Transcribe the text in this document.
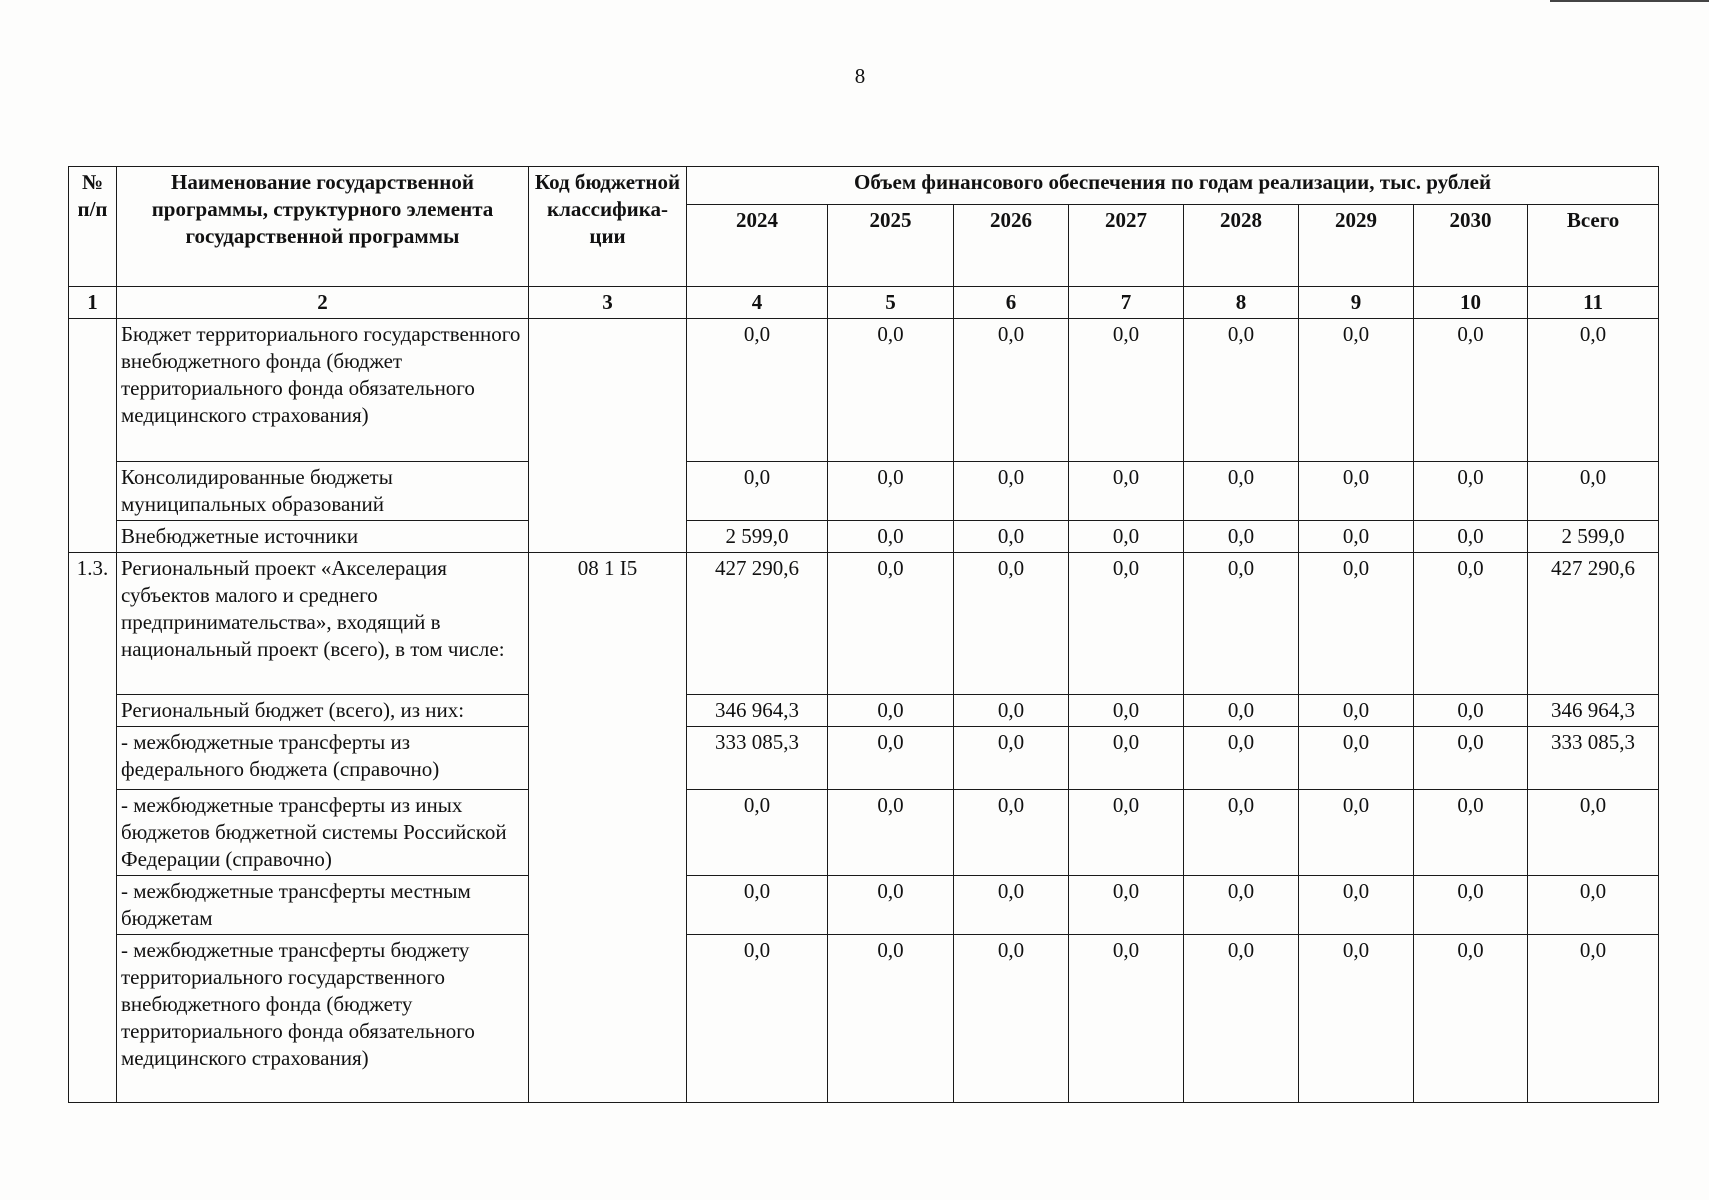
8
№ п/п	Наименование государственной программы, структурного элемента государственной программы	Код бюджетной классифика-ции	Объем финансового обеспечения по годам реализации, тыс. рублей							
			2024	2025	2026	2027	2028	2029	2030	Всего
1	2	3	4	5	6	7	8	9	10	11
	Бюджет территориального государственного внебюджетного фонда (бюджет территориального фонда обязательного медицинского страхования)		0,0	0,0	0,0	0,0	0,0	0,0	0,0	0,0
	Консолидированные бюджеты муниципальных образований		0,0	0,0	0,0	0,0	0,0	0,0	0,0	0,0
	Внебюджетные источники		2 599,0	0,0	0,0	0,0	0,0	0,0	0,0	2 599,0
1.3.	Региональный проект «Акселерация субъектов малого и среднего предпринимательства», входящий в национальный проект (всего), в том числе:	08 1 I5	427 290,6	0,0	0,0	0,0	0,0	0,0	0,0	427 290,6
	Региональный бюджет (всего), из них:		346 964,3	0,0	0,0	0,0	0,0	0,0	0,0	346 964,3
	- межбюджетные трансферты из федерального бюджета (справочно)		333 085,3	0,0	0,0	0,0	0,0	0,0	0,0	333 085,3
	- межбюджетные трансферты из иных бюджетов бюджетной системы Российской Федерации (справочно)		0,0	0,0	0,0	0,0	0,0	0,0	0,0	0,0
	- межбюджетные трансферты местным бюджетам		0,0	0,0	0,0	0,0	0,0	0,0	0,0	0,0
	- межбюджетные трансферты бюджету территориального государственного внебюджетного фонда (бюджету территориального фонда обязательного медицинского страхования)		0,0	0,0	0,0	0,0	0,0	0,0	0,0	0,0
